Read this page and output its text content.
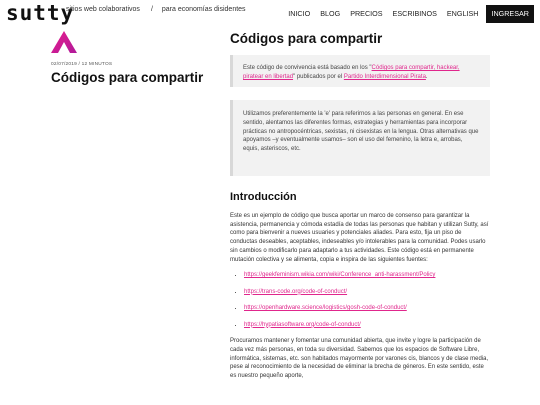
sutty
sitios web colaborativos / para economías disidentes	INICIO BLOG PRECIOS ESCRIBINOS ENGLISH	INGRESAR
02/07/2019 / 12 MINUTOS
Códigos para compartir
Códigos para compartir
Este código de convivencia está basado en los "Códigos para compartir, hackear, piratear en libertad" publicados por el Partido Interdimensional Pirata.
Utilizamos preferentemente la 'e' para referirnos a las personas en general. En ese sentido, alentamos las diferentes formas, estrategias y herramientas para incorporar prácticas no antropocéntricas, sexistas, ni cisexistas en la lengua. Otras alternativas que apoyamos –y eventualmente usamos– son el uso del femenino, la letra e, arrobas, equis, asteriscos, etc.
Introducción

Este es un ejemplo de código que busca aportar un marco de consenso para garantizar la asistencia, permanencia y cómoda estadía de todas las personas que habitan y utilizan Sutty, así como para bienvenir a nueves usuaries y potenciales aliades. Para esto, fija un piso de conductas deseables, aceptables, indeseables y/o intolerables para la comunidad. Podes usarlo sin cambios o modificarlo para adaptarlo a tus actividades. Este código está en permanente mutación colectiva y se alimenta, copia e inspira de las siguientes fuentes:

• https://geekfeminism.wikia.com/wiki/Conference_anti-harassment/Policy
• https://trans-code.org/code-of-conduct/
• https://openhardware.science/logistics/gosh-code-of-conduct/
• https://hypatiasoftware.org/code-of-conduct/

Procuramos mantener y fomentar una comunidad abierta, que invite y logre la participación de cada vez más personas, en toda su diversidad. Sabemos que los espacios de Software Libre, informática, sistemas, etc. son habitados mayormente por varones cis, blancos y de clase media, pese al reconocimiento de la necesidad de eliminar la brecha de géneros. En este sentido, este es nuestro pequeño aporte,
